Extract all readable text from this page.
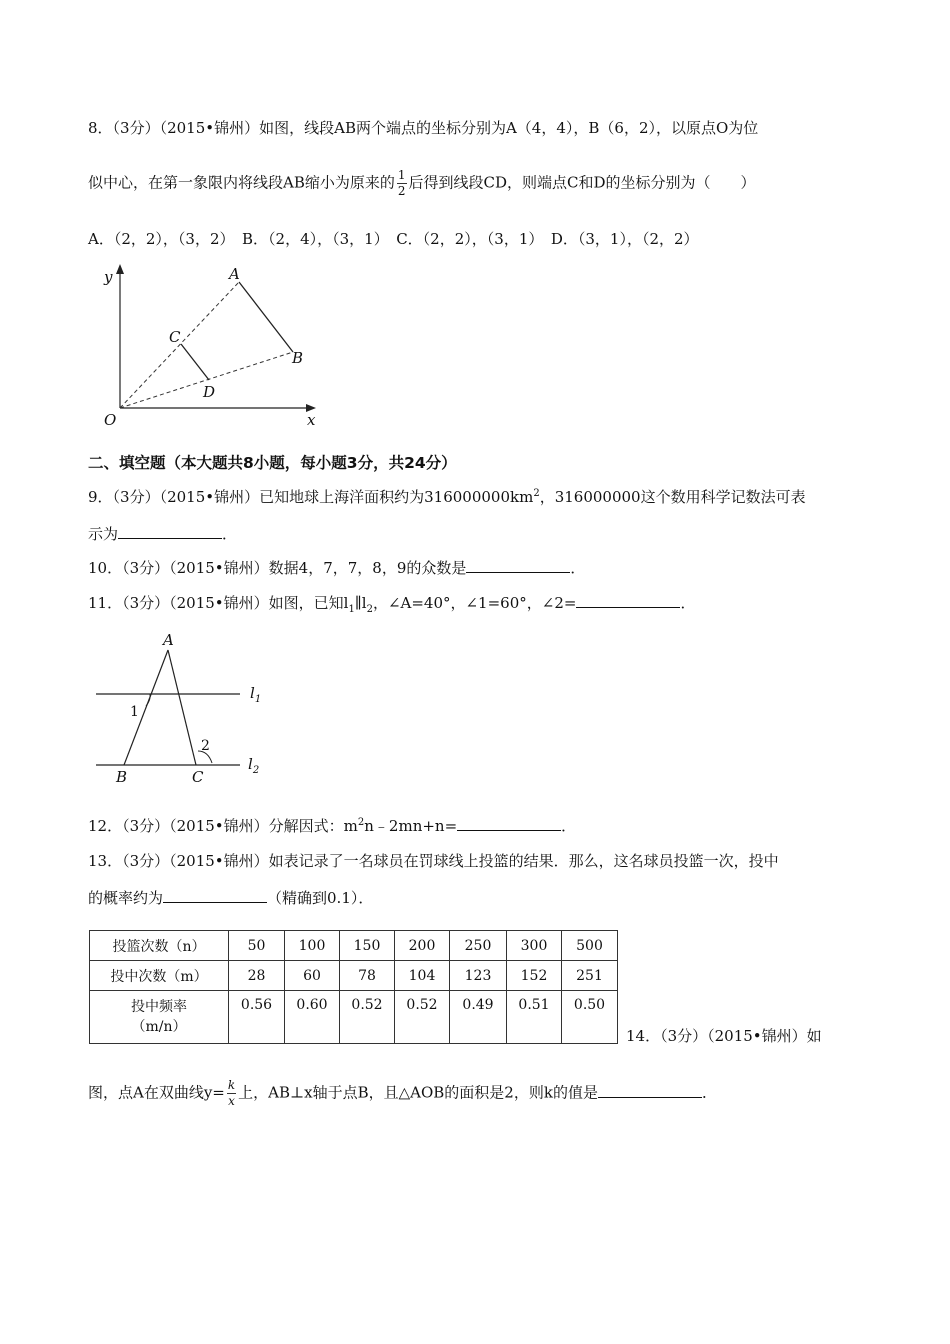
8．（3分）（2015•锦州）如图，线段AB两个端点的坐标分别为A（4，4），B（6，2），以原点O为位
似中心，在第一象限内将线段AB缩小为原来的 $\frac{1}{2}$ 后得到线段CD，则端点C和D的坐标分别为（　　）
A．（2，2），（3，2）　B．（2，4），（3，1）　C．（2，2），（3，1）　D．（3，1），（2，2）
y
x
O
A
B
C
D
二、填空题（本大题共8小题，每小题3分，共24分）
9．（3分）（2015•锦州）已知地球上海洋面积约为$316000000km^2$，316000000这个数用科学记数法可表
示为	．
10．（3分）（2015•锦州）数据4，7，7，8，9的众数是	．
11．（3分）（2015•锦州）如图，已知$l_1\parallel l_2$，∠A=40°，∠1=60°，∠2=	．
A
B	C
1
2
$l_1$
$l_2$
12．（3分）（2015•锦州）分解因式：$m^2n﹣2mn+n=$	．
13．（3分）（2015•锦州）如表记录了一名球员在罚球线上投篮的结果．那么，这名球员投篮一次，投中
的概率约为	（精确到0.1）．
投篮次数（n）	50	100	150	200	250	300	500
投中次数（m）	28	60	78	104	123	152	251
投中频率
（m/n）	0.56	0.60	0.52	0.52	0.49	0.51	0.50
14．（3分）（2015•锦州）如
图，点A在双曲线$y= \frac{k}{x}$ 上，AB⊥x轴于点B，且△AOB的面积是2，则k的值是	．
